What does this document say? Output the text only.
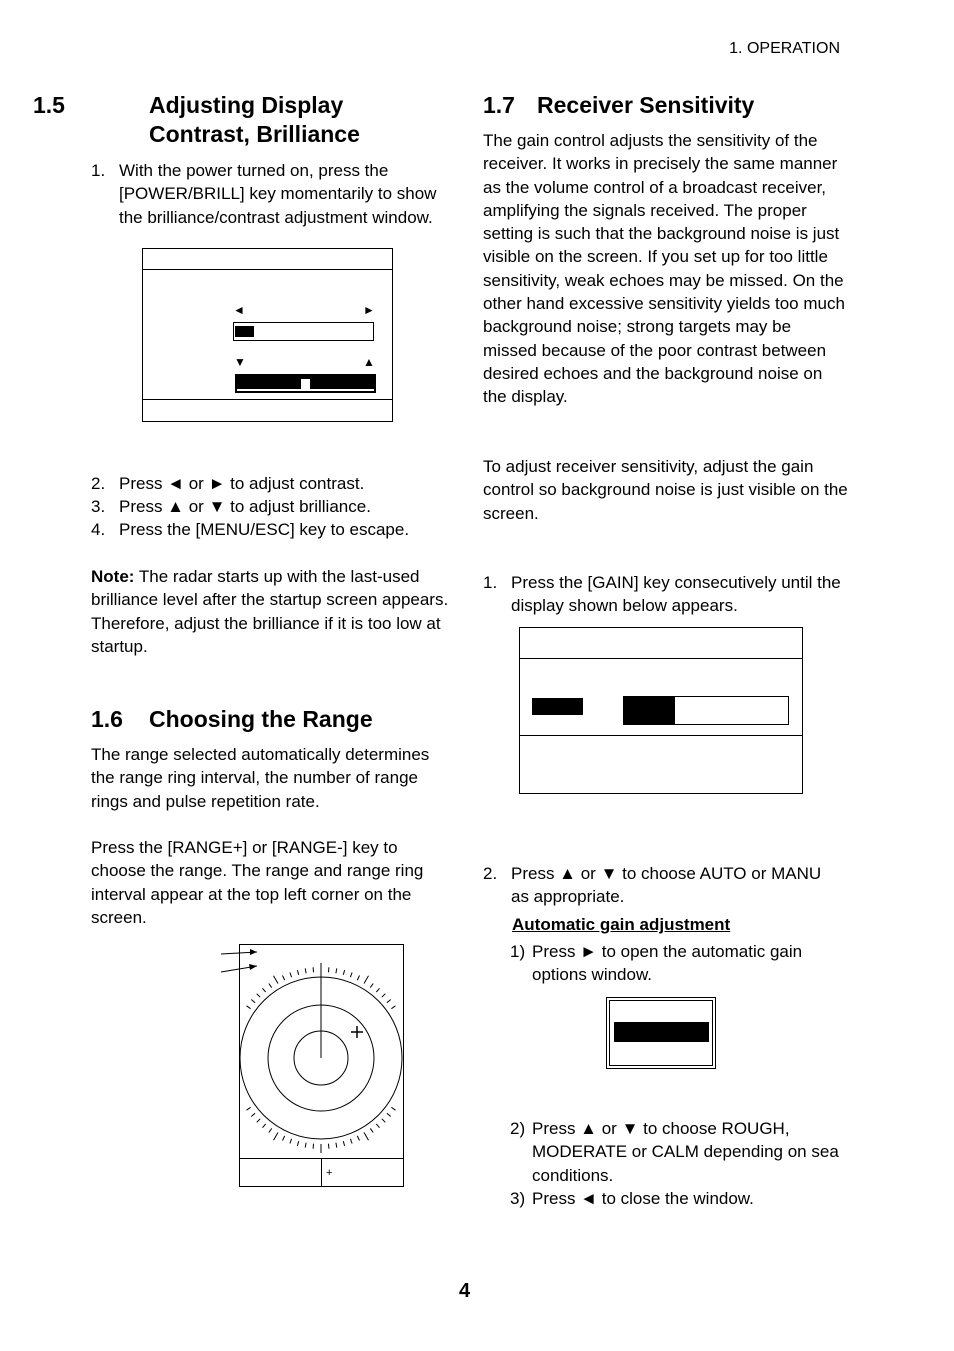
1. OPERATION
1.5	Adjusting Display
Contrast, Brilliance
1. With the power turned on, press the [POWER/BRILL] key momentarily to show the brilliance/contrast adjustment window.
◄	►
▼	▲
2. Press ◄ or ► to adjust contrast.
3. Press ▲ or ▼ to adjust brilliance.
4. Press the [MENU/ESC] key to escape.

Note: The radar starts up with the last-used brilliance level after the startup screen appears. Therefore, adjust the brilliance if it is too low at startup.

1.6 Choosing the Range

The range selected automatically determines the range ring interval, the number of range rings and pulse repetition rate.

Press the [RANGE+] or [RANGE-] key to choose the range. The range and range ring interval appear at the top left corner on the screen.

+
1.7 Receiver Sensitivity

The gain control adjusts the sensitivity of the receiver. It works in precisely the same manner as the volume control of a broadcast receiver, amplifying the signals received. The proper setting is such that the background noise is just visible on the screen. If you set up for too little sensitivity, weak echoes may be missed. On the other hand excessive sensitivity yields too much background noise; strong targets may be missed because of the poor contrast between desired echoes and the background noise on the display.

To adjust receiver sensitivity, adjust the gain control so background noise is just visible on the screen.

1. Press the [GAIN] key consecutively until the display shown below appears.
2. Press ▲ or ▼ to choose AUTO or MANU as appropriate.
Automatic gain adjustment
1) Press ► to open the automatic gain options window.
2) Press ▲ or ▼ to choose ROUGH, MODERATE or CALM depending on sea conditions.
3) Press ◄ to close the window.
4
